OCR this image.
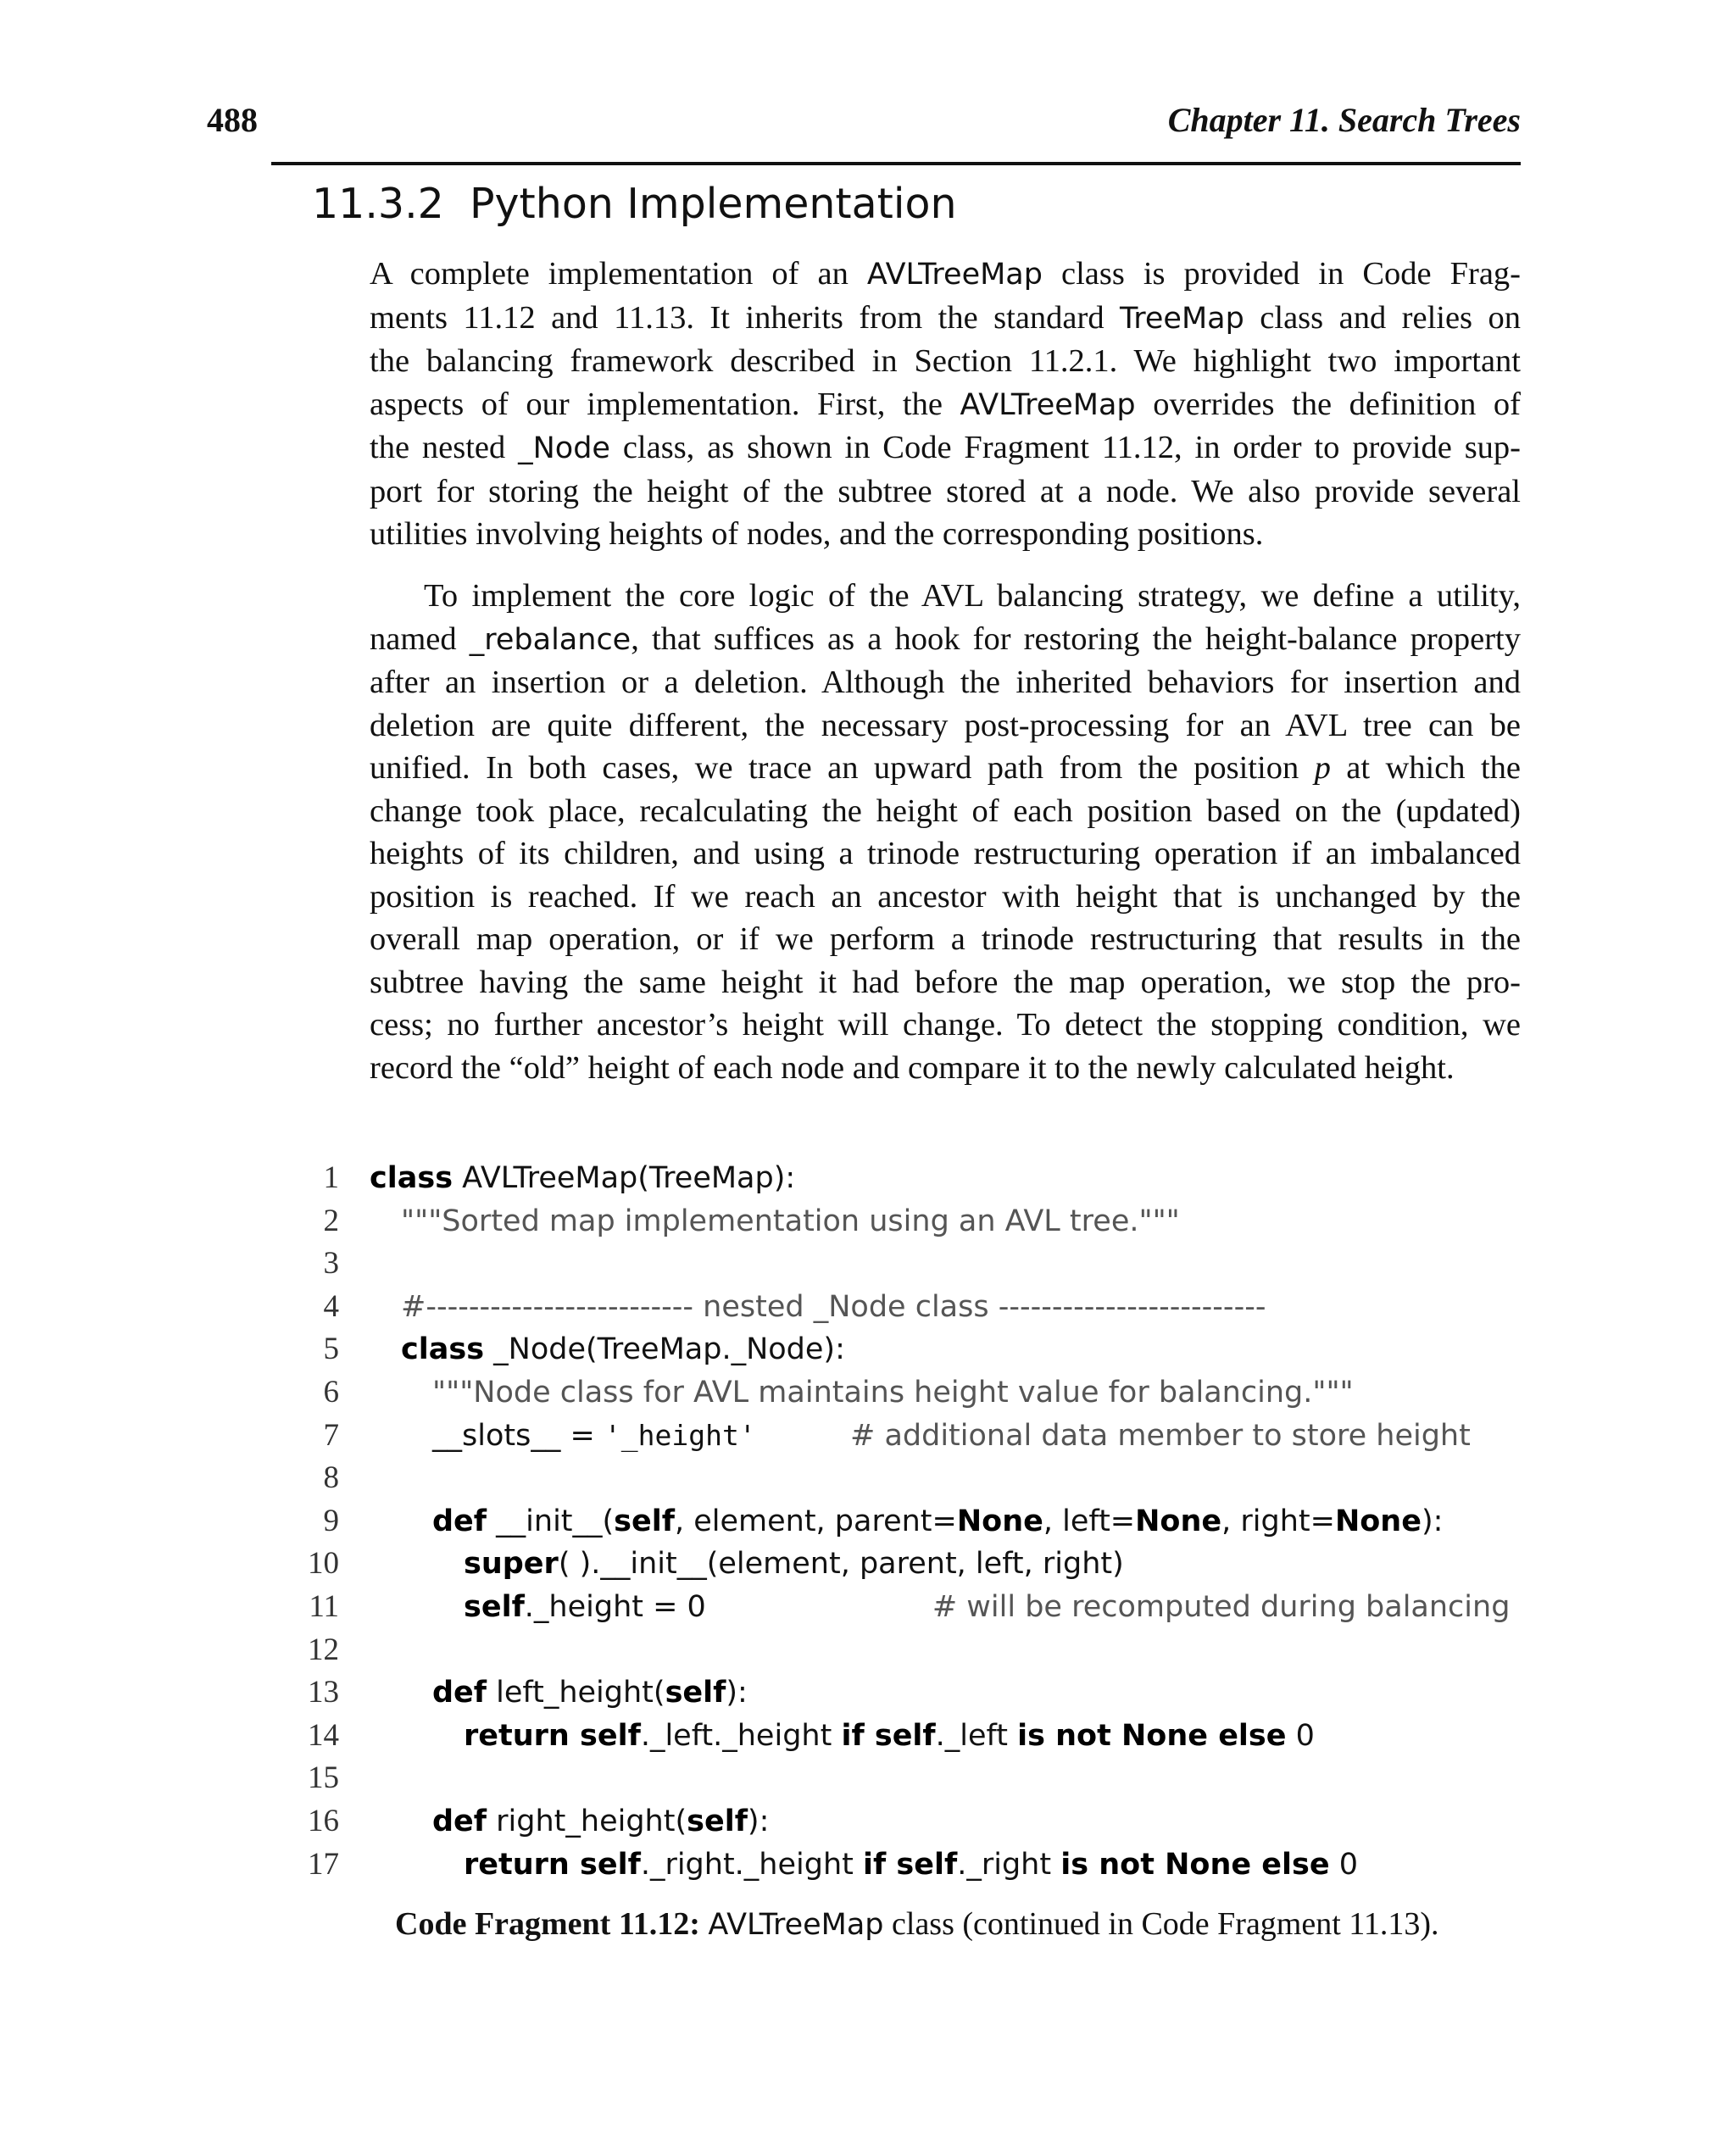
488	Chapter 11. Search Trees
11.3.2 Python Implementation
A complete implementation of an AVLTreeMap class is provided in Code Frag-
ments 11.12 and 11.13. It inherits from the standard TreeMap class and relies on
the balancing framework described in Section 11.2.1. We highlight two important
aspects of our implementation. First, the AVLTreeMap overrides the definition of
the nested _Node class, as shown in Code Fragment 11.12, in order to provide sup-
port for storing the height of the subtree stored at a node. We also provide several
utilities involving heights of nodes, and the corresponding positions.
To implement the core logic of the AVL balancing strategy, we define a utility,
named _rebalance, that suffices as a hook for restoring the height-balance property
after an insertion or a deletion. Although the inherited behaviors for insertion and
deletion are quite different, the necessary post-processing for an AVL tree can be
unified. In both cases, we trace an upward path from the position p at which the
change took place, recalculating the height of each position based on the (updated)
heights of its children, and using a trinode restructuring operation if an imbalanced
position is reached. If we reach an ancestor with height that is unchanged by the
overall map operation, or if we perform a trinode restructuring that results in the
subtree having the same height it had before the map operation, we stop the pro-
cess; no further ancestor’s height will change. To detect the stopping condition, we
record the “old” height of each node and compare it to the newly calculated height.
1 class AVLTreeMap(TreeMap):
2	"""Sorted map implementation using an AVL tree."""
3
4	#------------------------- nested _Node class -------------------------
5	class _Node(TreeMap._Node):
6	"""Node class for AVL maintains height value for balancing."""
7	__slots__ = '_height'	# additional data member to store height
8
9	def __init__(self, element, parent=None, left=None, right=None):
10	super( ).__init__(element, parent, left, right)
11	self._height = 0                        # will be recomputed during balancing
12
13	def left_height(self):
14	return self._left._height if self._left is not None else 0
15
16	def right_height(self):
17	return self._right._height if self._right is not None else 0
Code Fragment 11.12: AVLTreeMap class (continued in Code Fragment 11.13).
